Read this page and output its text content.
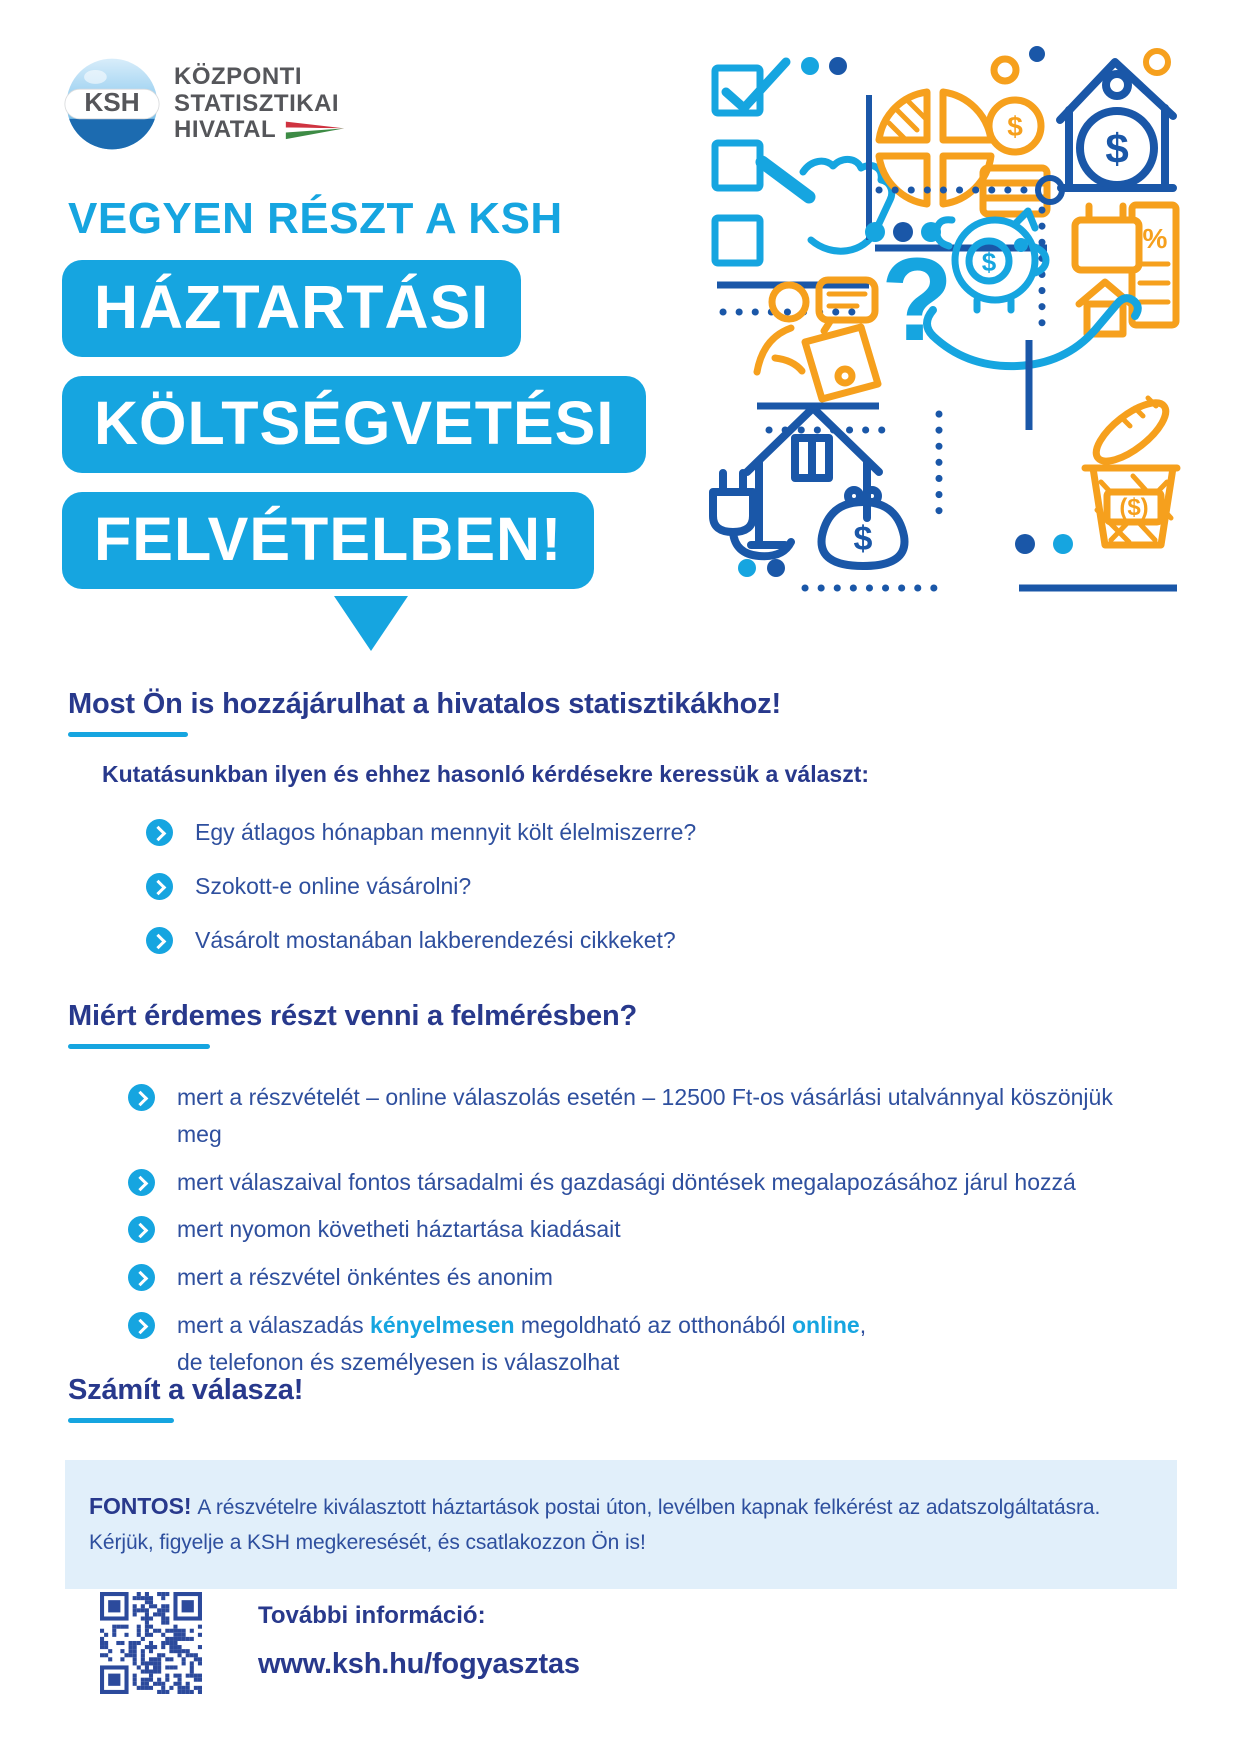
KSH
KÖZPONTI
STATISZTIKAI
HIVATAL

VEGYEN RÉSZT A KSH

HÁZTARTÁSI
KÖLTSÉGVETÉSI
FELVÉTELBEN!
$ $
%
? $
$
($)
Most Ön is hozzájárulhat a hivatalos statisztikákhoz!

Kutatásunkban ilyen és ehhez hasonló kérdésekre keressük a választ:

Egy átlagos hónapban mennyit költ élelmiszerre?

Szokott-e online vásárolni?

Vásárolt mostanában lakberendezési cikkeket?

Miért érdemes részt venni a felmérésben?

mert a részvételét – online válaszolás esetén – 12500 Ft-os vásárlási utalvánnyal köszönjük meg

mert válaszaival fontos társadalmi és gazdasági döntések megalapozásához járul hozzá

mert nyomon követheti háztartása kiadásait

mert a részvétel önkéntes és anonim

mert a válaszadás kényelmesen megoldható az otthonából online,
de telefonon és személyesen is válaszolhat

Számít a válasza!
FONTOS! A részvételre kiválasztott háztartások postai úton, levélben kapnak felkérést az adatszolgáltatásra. Kérjük, figyelje a KSH megkeresését, és csatlakozzon Ön is!
További információ:
www.ksh.hu/fogyasztas
